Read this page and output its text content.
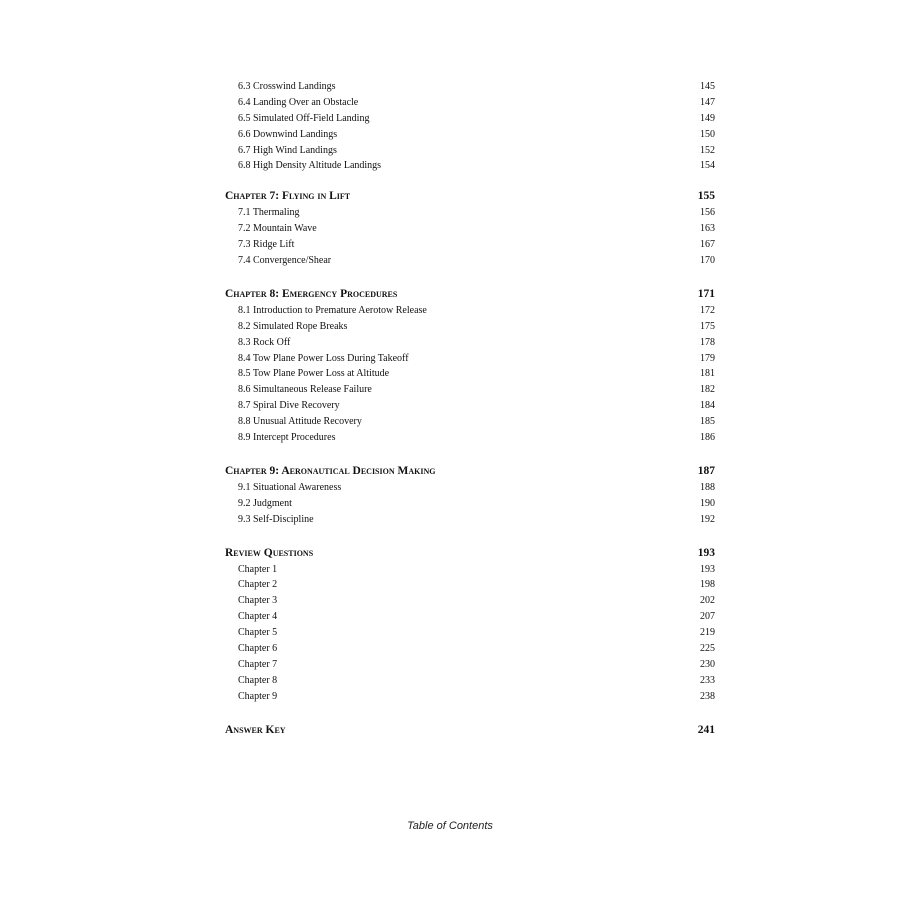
6.3 Crosswind Landings	145
6.4 Landing Over an Obstacle	147
6.5 Simulated Off-Field Landing	149
6.6 Downwind Landings	150
6.7 High Wind Landings	152
6.8 High Density Altitude Landings	154
Chapter 7: Flying in Lift	155
7.1 Thermaling	156
7.2 Mountain Wave	163
7.3 Ridge Lift	167
7.4 Convergence/Shear	170
Chapter 8: Emergency Procedures	171
8.1 Introduction to Premature Aerotow Release	172
8.2 Simulated Rope Breaks	175
8.3 Rock Off	178
8.4 Tow Plane Power Loss During Takeoff	179
8.5 Tow Plane Power Loss at Altitude	181
8.6 Simultaneous Release Failure	182
8.7 Spiral Dive Recovery	184
8.8 Unusual Attitude Recovery	185
8.9 Intercept Procedures	186
Chapter 9: Aeronautical Decision Making	187
9.1 Situational Awareness	188
9.2 Judgment	190
9.3 Self-Discipline	192
Review Questions	193
Chapter 1	193
Chapter 2	198
Chapter 3	202
Chapter 4	207
Chapter 5	219
Chapter 6	225
Chapter 7	230
Chapter 8	233
Chapter 9	238
Answer Key	241
Table of Contents
